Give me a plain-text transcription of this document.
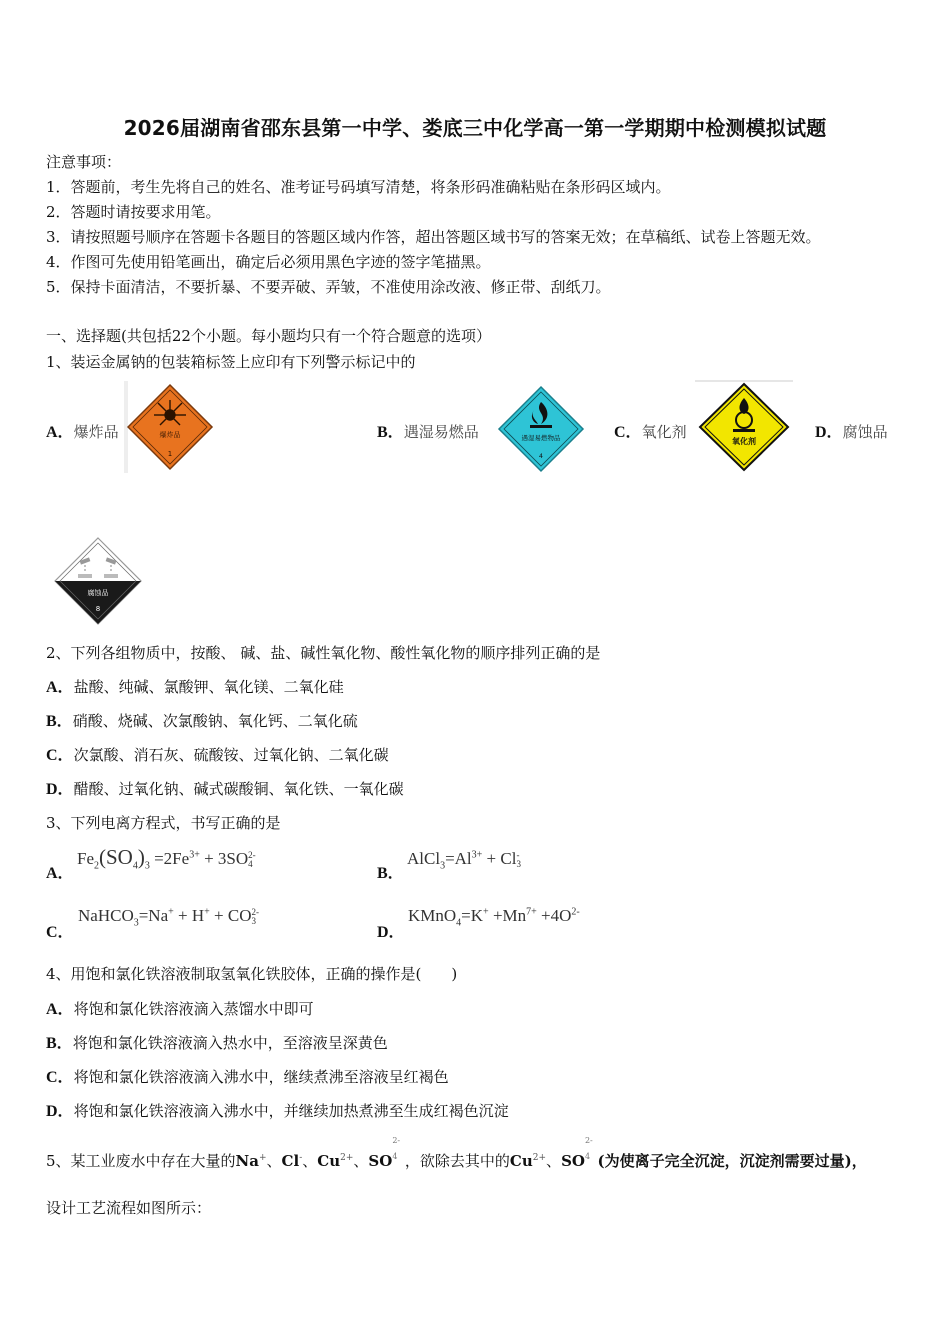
2026届湖南省邵东县第一中学、娄底三中化学高一第一学期期中检测模拟试题
注意事项：
1．答题前，考生先将自己的姓名、准考证号码填写清楚，将条形码准确粘贴在条形码区域内。
2．答题时请按要求用笔。
3．请按照题号顺序在答题卡各题目的答题区域内作答，超出答题区域书写的答案无效；在草稿纸、试卷上答题无效。
4．作图可先使用铅笔画出，确定后必须用黑色字迹的签字笔描黑。
5．保持卡面清洁，不要折暴、不要弄破、弄皱，不准使用涂改液、修正带、刮纸刀。
一、选择题(共包括22个小题。每小题均只有一个符合题意的选项）
1、装运金属钠的包装箱标签上应印有下列警示标记中的
A．爆炸品	爆炸品
1
B．遇湿易燃品	遇湿易燃物品
4
C．氧化剂
氧化剂
D．腐蚀品
腐蚀品
8
2、下列各组物质中，按酸、 碱、盐、碱性氧化物、酸性氧化物的顺序排列正确的是
A．盐酸、纯碱、氯酸钾、氧化镁、二氧化硅
B．硝酸、烧碱、次氯酸钠、氧化钙、二氧化硫
C．次氯酸、消石灰、硫酸铵、过氧化钠、二氧化碳
D．醋酸、过氧化钠、碱式碳酸铜、氧化铁、一氧化碳
3、下列电离方程式，书写正确的是
A．
$Fe_2(SO_4)_3 =2Fe^{3+} + 3SO$ 2-
4
B．
$AlCl_3=Al^{3+} + Cl$ -
3
C．
NaHCO$_3$=Na+ + H+ + CO 2-
3
D．
KMnO$_4$=K+ $+Mn^{7+} +4O^{2-}$
4、用饱和氯化铁溶液制取氢氧化铁胶体，正确的操作是(　　)
A．将饱和氯化铁溶液滴入蒸馏水中即可
B．将饱和氯化铁溶液滴入热水中，至溶液呈深黄色
C．将饱和氯化铁溶液滴入沸水中，继续煮沸至溶液呈红褐色
D．将饱和氯化铁溶液滴入沸水中，并继续加热煮沸至生成红褐色沉淀
5、某工业废水中存在大量的Na+、Cl-、$Cu^{2+}$、SO
2-
4 ，欲除去其中的$Cu^{2+}$、SO
2-
4 (为使离子完全沉淀，沉淀剂需要过量)，
设计工艺流程如图所示：
